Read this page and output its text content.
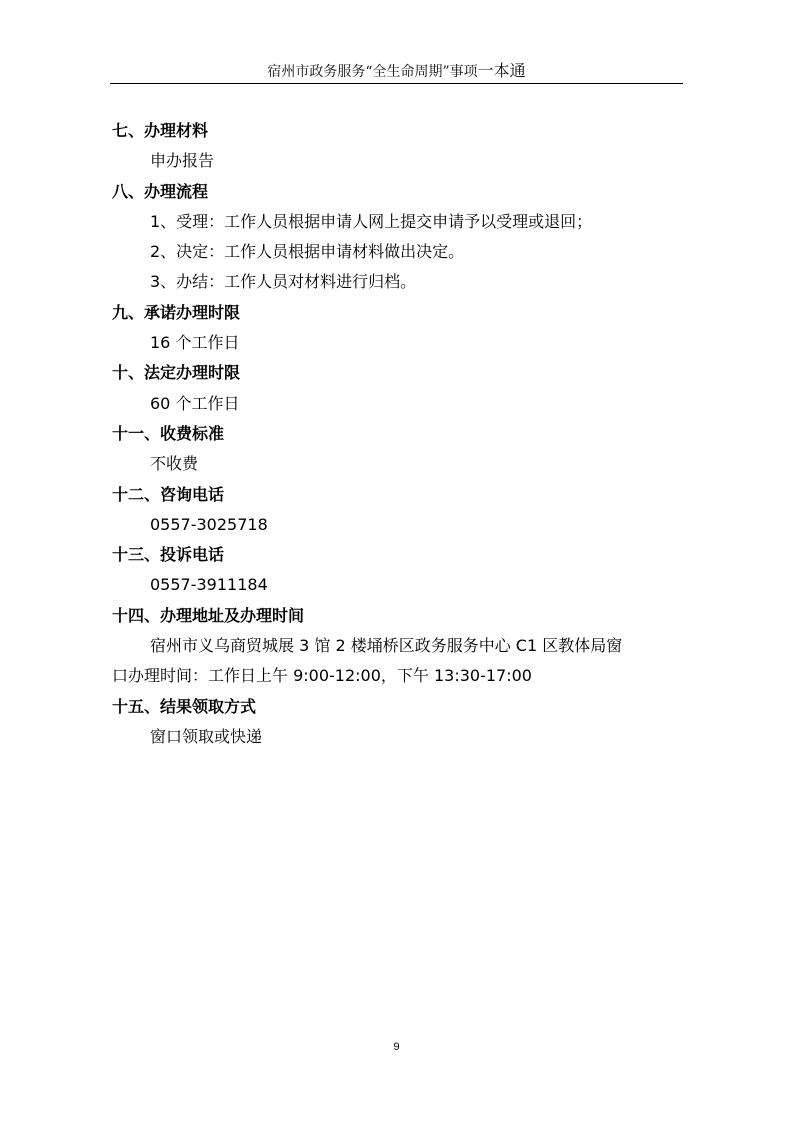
宿州市政务服务“全生命周期”事项一本通
七、办理材料
申办报告
八、办理流程
1、受理：工作人员根据申请人网上提交申请予以受理或退回；
2、决定：工作人员根据申请材料做出决定。
3、办结：工作人员对材料进行归档。
九、承诺办理时限
16 个工作日
十、法定办理时限
60 个工作日
十一、收费标准
不收费
十二、咨询电话
0557-3025718
十三、投诉电话
0557-3911184
十四、办理地址及办理时间
宿州市义乌商贸城展 3 馆 2 楼埇桥区政务服务中心 C1 区教体局窗
口办理时间：工作日上午 9:00-12:00，下午 13:30-17:00
十五、结果领取方式
窗口领取或快递
9
